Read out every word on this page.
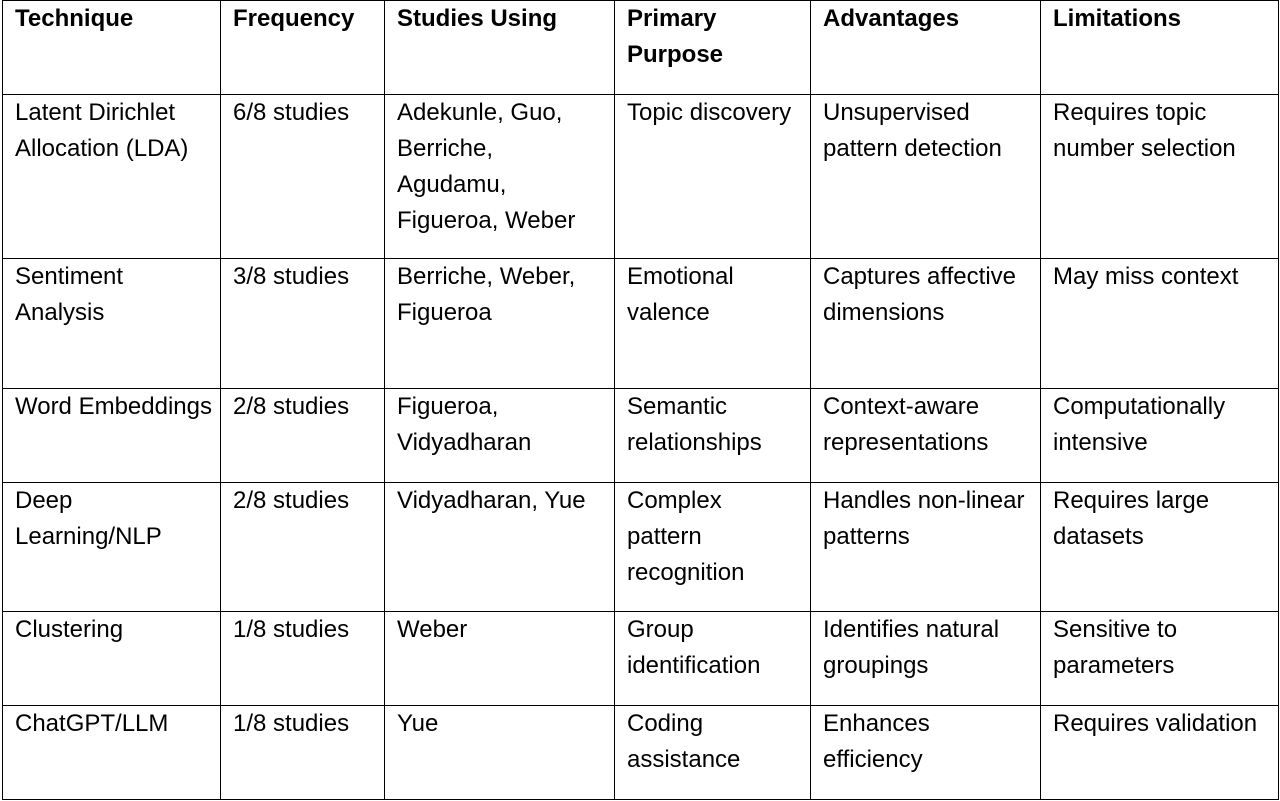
Technique	Frequency	Studies Using	Primary Purpose	Advantages	Limitations
Latent Dirichlet Allocation (LDA)	6/8 studies	Adekunle, Guo, Berriche, Agudamu, Figueroa, Weber	Topic discovery	Unsupervised pattern detection	Requires topic number selection
Sentiment Analysis	3/8 studies	Berriche, Weber, Figueroa	Emotional valence	Captures affective dimensions	May miss context
Word Embeddings	2/8 studies	Figueroa, Vidyadharan	Semantic relationships	Context-aware representations	Computationally intensive
Deep Learning/NLP	2/8 studies	Vidyadharan, Yue	Complex pattern recognition	Handles non-linear patterns	Requires large datasets
Clustering	1/8 studies	Weber	Group identification	Identifies natural groupings	Sensitive to parameters
ChatGPT/LLM	1/8 studies	Yue	Coding assistance	Enhances efficiency	Requires validation
